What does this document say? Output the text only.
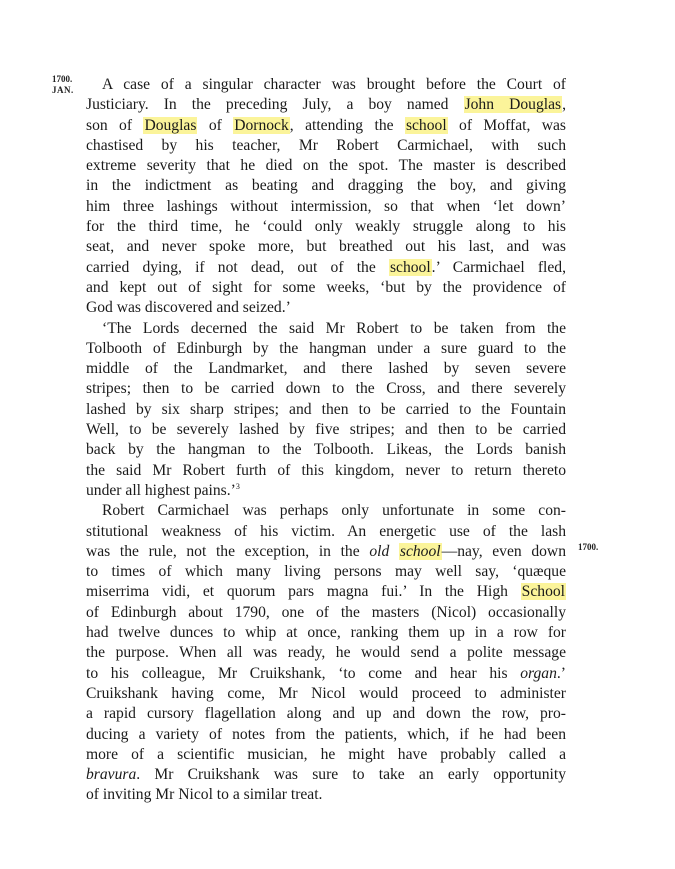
1700.
JAN.
1700.
A case of a singular character was brought before the Court of
Justiciary. In the preceding July, a boy named John Douglas,
son of Douglas of Dornock, attending the school of Moffat, was
chastised by his teacher, Mr Robert Carmichael, with such
extreme severity that he died on the spot. The master is described
in the indictment as beating and dragging the boy, and giving
him three lashings without intermission, so that when ‘let down’
for the third time, he ‘could only weakly struggle along to his
seat, and never spoke more, but breathed out his last, and was
carried dying, if not dead, out of the school.’ Carmichael fled,
and kept out of sight for some weeks, ‘but by the providence of
God was discovered and seized.’
‘The Lords decerned the said Mr Robert to be taken from the
Tolbooth of Edinburgh by the hangman under a sure guard to the
middle of the Landmarket, and there lashed by seven severe
stripes; then to be carried down to the Cross, and there severely
lashed by six sharp stripes; and then to be carried to the Fountain
Well, to be severely lashed by five stripes; and then to be carried
back by the hangman to the Tolbooth. Likeas, the Lords banish
the said Mr Robert furth of this kingdom, never to return thereto
under all highest pains.’$^3$
Robert Carmichael was perhaps only unfortunate in some con-
stitutional weakness of his victim. An energetic use of the lash
was the rule, not the exception, in the old school—nay, even down
to times of which many living persons may well say, ‘quæque
miserrima vidi, et quorum pars magna fui.’ In the High School
of Edinburgh about 1790, one of the masters (Nicol) occasionally
had twelve dunces to whip at once, ranking them up in a row for
the purpose. When all was ready, he would send a polite message
to his colleague, Mr Cruikshank, ‘to come and hear his organ.’
Cruikshank having come, Mr Nicol would proceed to administer
a rapid cursory flagellation along and up and down the row, pro-
ducing a variety of notes from the patients, which, if he had been
more of a scientific musician, he might have probably called a
bravura. Mr Cruikshank was sure to take an early opportunity
of inviting Mr Nicol to a similar treat.
